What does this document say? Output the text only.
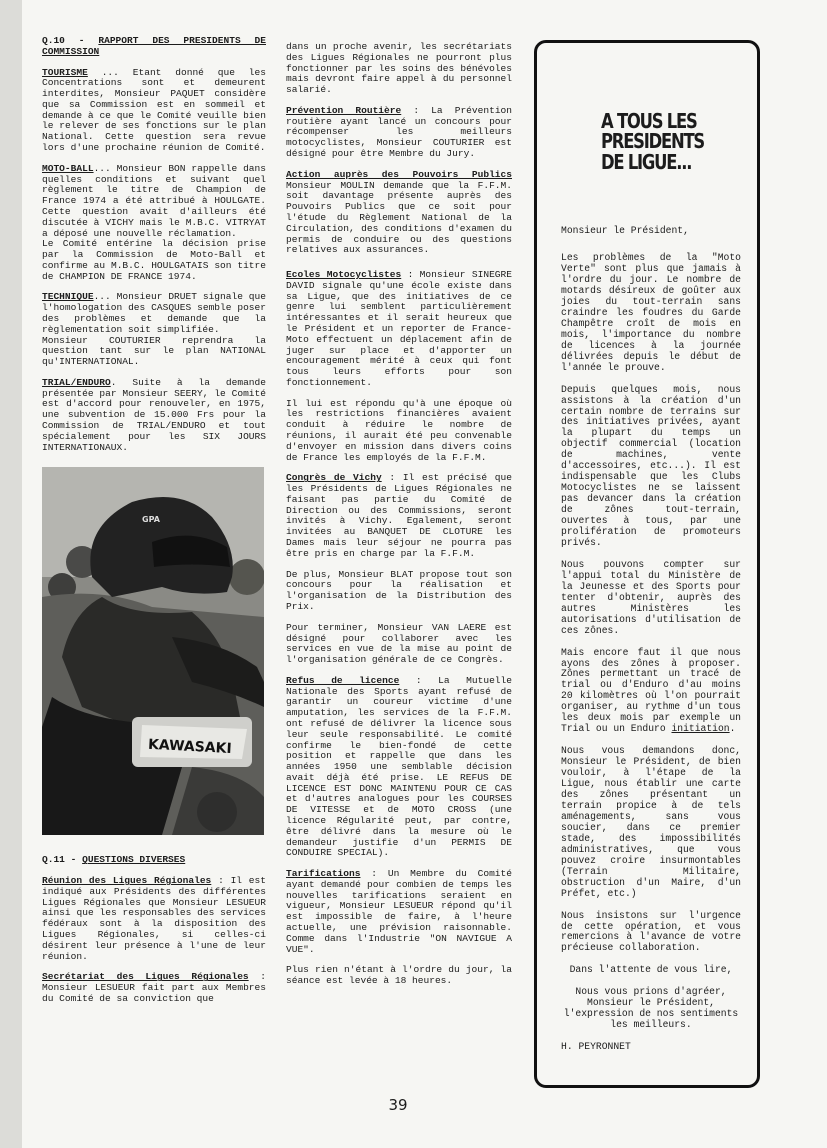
Q.10 - RAPPORT DES PRESIDENTS DE COMMISSION

TOURISME ... Etant donné que les Concentrations sont et demeurent interdites, Monsieur PAQUET considère que sa Commission est en sommeil et demande à ce que le Comité veuille bien le relever de ses fonctions sur le plan National. Cette question sera revue lors d'une prochaine réunion de Comité.

MOTO-BALL... Monsieur BON rappelle dans quelles conditions et suivant quel règlement le titre de Champion de France 1974 a été attribué à HOULGATE. Cette question avait d'ailleurs été discutée à VICHY mais le M.B.C. VITRYAT a déposé une nouvelle réclamation.

Le Comité entérine la décision prise par la Commission de Moto-Ball et confirme au M.B.C. HOULGATAIS son titre de CHAMPION DE FRANCE 1974.

TECHNIQUE... Monsieur DRUET signale que l'homologation des CASQUES semble poser des problèmes et demande que la règlementation soit simplifiée.

Monsieur COUTURIER reprendra la question tant sur le plan NATIONAL qu'INTERNATIONAL.

TRIAL/ENDURO. Suite à la demande présentée par Monsieur SEERY, le Comité est d'accord pour renouveler, en 1975, une subvention de 15.000 Frs pour la Commission de TRIAL/ENDURO et tout spécialement pour les SIX JOURS INTERNATIONAUX.

GPA
KAWASAKI

Q.11 - QUESTIONS DIVERSES

Réunion des Ligues Régionales : Il est indiqué aux Présidents des différentes Ligues Régionales que Monsieur LESUEUR ainsi que les responsables des services fédéraux sont à la disposition des Ligues Régionales, si celles-ci désirent leur présence à l'une de leur réunion.

Secrétariat des Ligues Régionales : Monsieur LESUEUR fait part aux Membres du Comité de sa conviction que

dans un proche avenir, les secrétariats des Ligues Régionales ne pourront plus fonctionner par les soins des bénévoles mais devront faire appel à du personnel salarié.

Prévention Routière : La Prévention routière ayant lancé un concours pour récompenser les meilleurs motocyclistes, Monsieur COUTURIER est désigné pour être Membre du Jury.

Action auprès des Pouvoirs Publics Monsieur MOULIN demande que la F.F.M. soit davantage présente auprès des Pouvoirs Publics que ce soit pour l'étude du Règlement National de la Circulation, des conditions d'examen du permis de conduire ou des questions relatives aux assurances.

Ecoles Motocyclistes : Monsieur SINEGRE DAVID signale qu'une école existe dans sa Ligue, que des initiatives de ce genre lui semblent particulièrement intéressantes et il serait heureux que le Président et un reporter de France-Moto effectuent un déplacement afin de juger sur place et d'apporter un encouragement mérité à ceux qui font tous leurs efforts pour son fonctionnement.

Il lui est répondu qu'à une époque où les restrictions financières avaient conduit à réduire le nombre de réunions, il aurait été peu convenable d'envoyer en mission dans divers coins de France les employés de la F.F.M.

Congrès de Vichy : Il est précisé que les Présidents de Ligues Régionales ne faisant pas partie du Comité de Direction ou des Commissions, seront invités à Vichy. Egalement, seront invitées au BANQUET DE CLOTURE les Dames mais leur séjour ne pourra pas être pris en charge par la F.F.M.

De plus, Monsieur BLAT propose tout son concours pour la réalisation et l'organisation de la Distribution des Prix.

Pour terminer, Monsieur VAN LAERE est désigné pour collaborer avec les services en vue de la mise au point de l'organisation générale de ce Congrès.

Refus de licence : La Mutuelle Nationale des Sports ayant refusé de garantir un coureur victime d'une amputation, les services de la F.F.M. ont refusé de délivrer la licence sous leur seule responsabilité. Le comité confirme le bien-fondé de cette position et rappelle que dans les années 1950 une semblable décision avait déjà été prise. LE REFUS DE LICENCE EST DONC MAINTENU POUR CE CAS et d'autres analogues pour les COURSES DE VITESSE et de MOTO CROSS (une licence Régularité peut, par contre, être délivré dans la mesure où le demandeur justifie d'un PERMIS DE CONDUIRE SPECIAL).

Tarifications : Un Membre du Comité ayant demandé pour combien de temps les nouvelles tarifications seraient en vigueur, Monsieur LESUEUR répond qu'il est impossible de faire, à l'heure actuelle, une prévision raisonnable. Comme dans l'Industrie "ON NAVIGUE A VUE".

Plus rien n'étant à l'ordre du jour, la séance est levée à 18 heures.

A TOUS LES
PRESIDENTS
DE LIGUE...

Monsieur le Président,

Les problèmes de la "Moto Verte" sont plus que jamais à l'ordre du jour. Le nombre de motards désireux de goûter aux joies du tout-terrain sans craindre les foudres du Garde Champêtre croît de mois en mois, l'importance du nombre de licences à la journée délivrées depuis le début de l'année le prouve.

Depuis quelques mois, nous assistons à la création d'un certain nombre de terrains sur des initiatives privées, ayant la plupart du temps un objectif commercial (location de machines, vente d'accessoires, etc...). Il est indispensable que les Clubs Motocyclistes ne se laissent pas devancer dans la création de zônes tout-terrain, ouvertes à tous, par une prolifération de promoteurs privés.

Nous pouvons compter sur l'appui total du Ministère de la Jeunesse et des Sports pour tenter d'obtenir, auprès des autres Ministères les autorisations d'utilisation de ces zônes.

Mais encore faut il que nous ayons des zônes à proposer. Zônes permettant un tracé de trial ou d'Enduro d'au moins 20 kilomètres où l'on pourrait organiser, au rythme d'un tous les deux mois par exemple un Trial ou un Enduro initiation.

Nous vous demandons donc, Monsieur le Président, de bien vouloir, à l'étape de la Ligue, nous établir une carte des zônes présentant un terrain propice à de tels aménagements, sans vous soucier, dans ce premier stade, des impossibilités administratives, que vous pouvez croire insurmontables (Terrain Militaire, obstruction d'un Maire, d'un Préfet, etc.)

Nous insistons sur l'urgence de cette opération, et vous remercions à l'avance de votre précieuse collaboration.

Dans l'attente de vous lire,

Nous vous prions d'agréer, Monsieur le Président, l'expression de nos sentiments les meilleurs.

H. PEYRONNET

39
